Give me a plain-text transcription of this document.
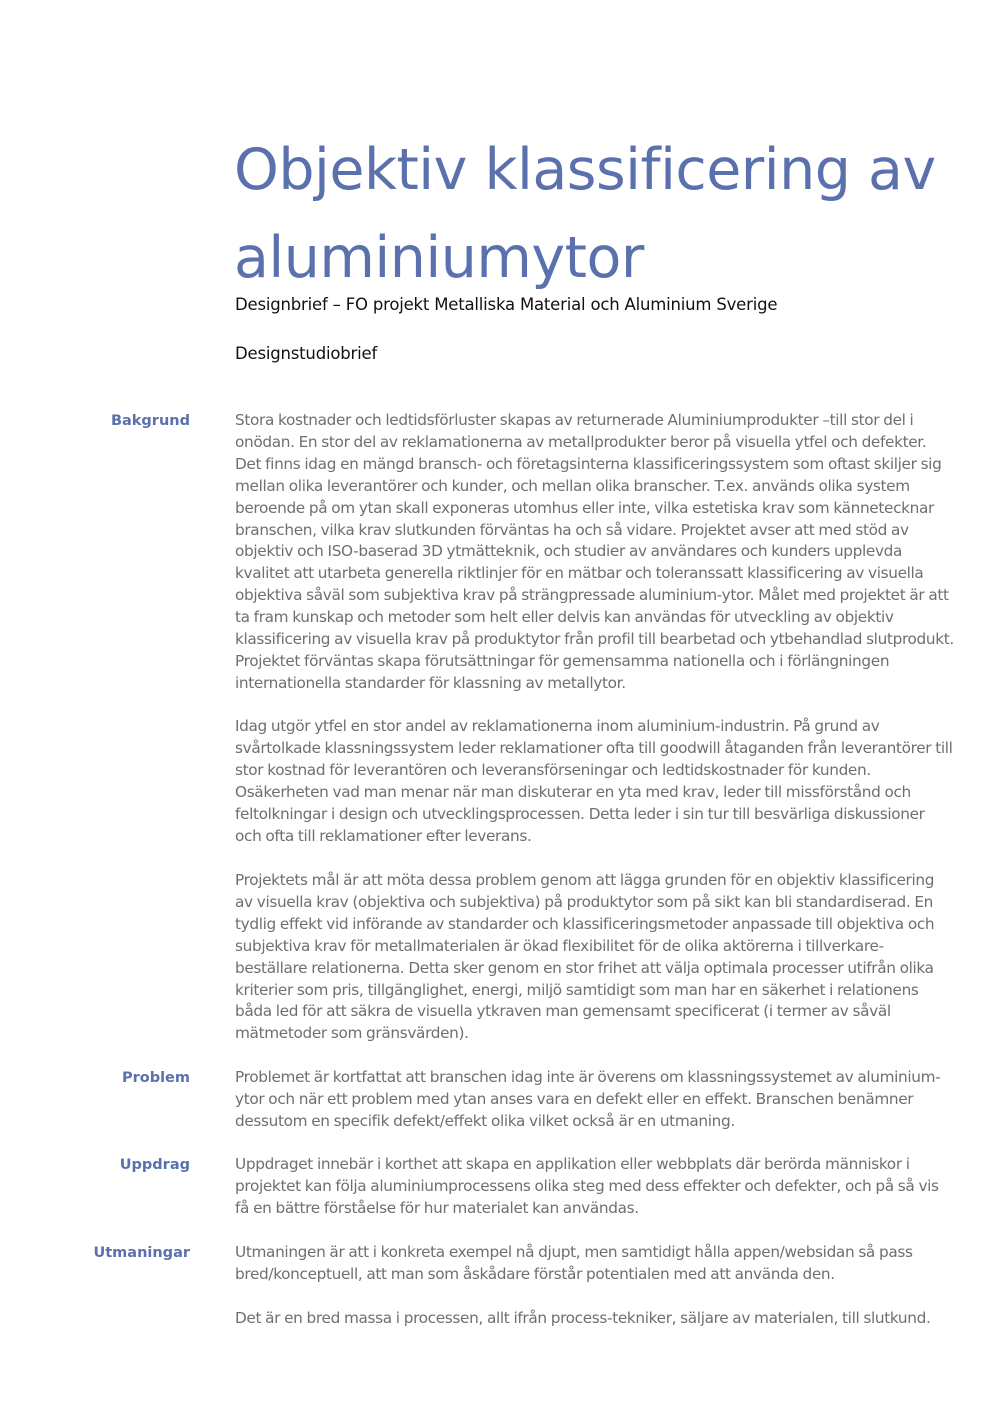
Objektiv klassificering av aluminiumytor

Designbrief – FO projekt Metalliska Material och Aluminium Sverige

Designstudiobrief

Bakgrund	Stora kostnader och ledtidsförluster skapas av returnerade Aluminiumprodukter –till stor del i onödan. En stor del av reklamationerna av metallprodukter beror på visuella ytfel och defekter. Det finns idag en mängd bransch- och företagsinterna klassificeringssystem som oftast skiljer sig mellan olika leverantörer och kunder, och mellan olika branscher. T.ex. används olika system beroende på om ytan skall exponeras utomhus eller inte, vilka estetiska krav som kännetecknar branschen, vilka krav slutkunden förväntas ha och så vidare. Projektet avser att med stöd av objektiv och ISO-baserad 3D ytmätteknik, och studier av användares och kunders upplevda kvalitet att utarbeta generella riktlinjer för en mätbar och toleranssatt klassificering av visuella objektiva såväl som subjektiva krav på strängpressade aluminium-ytor. Målet med projektet är att ta fram kunskap och metoder som helt eller delvis kan användas för utveckling av objektiv klassificering av visuella krav på produktytor från profil till bearbetad och ytbehandlad slutprodukt. Projektet förväntas skapa förutsättningar för gemensamma nationella och i förlängningen internationella standarder för klassning av metallytor.

Idag utgör ytfel en stor andel av reklamationerna inom aluminium-industrin. På grund av svårtolkade klassningssystem leder reklamationer ofta till goodwill åtaganden från leverantörer till stor kostnad för leverantören och leveransförseningar och ledtidskostnader för kunden. Osäkerheten vad man menar när man diskuterar en yta med krav, leder till missförstånd och feltolkningar i design och utvecklingsprocessen. Detta leder i sin tur till besvärliga diskussioner och ofta till reklamationer efter leverans.

Projektets mål är att möta dessa problem genom att lägga grunden för en objektiv klassificering av visuella krav (objektiva och subjektiva) på produktytor som på sikt kan bli standardiserad. En tydlig effekt vid införande av standarder och klassificeringsmetoder anpassade till objektiva och subjektiva krav för metallmaterialen är ökad flexibilitet för de olika aktörerna i tillverkare-beställare relationerna. Detta sker genom en stor frihet att välja optimala processer utifrån olika kriterier som pris, tillgänglighet, energi, miljö samtidigt som man har en säkerhet i relationens båda led för att säkra de visuella ytkraven man gemensamt specificerat (i termer av såväl mätmetoder som gränsvärden).

Problem	Problemet är kortfattat att branschen idag inte är överens om klassningssystemet av aluminium-ytor och när ett problem med ytan anses vara en defekt eller en effekt. Branschen benämner dessutom en specifik defekt/effekt olika vilket också är en utmaning.

Uppdrag	Uppdraget innebär i korthet att skapa en applikation eller webbplats där berörda människor i projektet kan följa aluminiumprocessens olika steg med dess effekter och defekter, och på så vis få en bättre förståelse för hur materialet kan användas.

Utmaningar	Utmaningen är att i konkreta exempel nå djupt, men samtidigt hålla appen/websidan så pass bred/konceptuell, att man som åskådare förstår potentialen med att använda den.

Det är en bred massa i processen, allt ifrån process-tekniker, säljare av materialen, till slutkund.
